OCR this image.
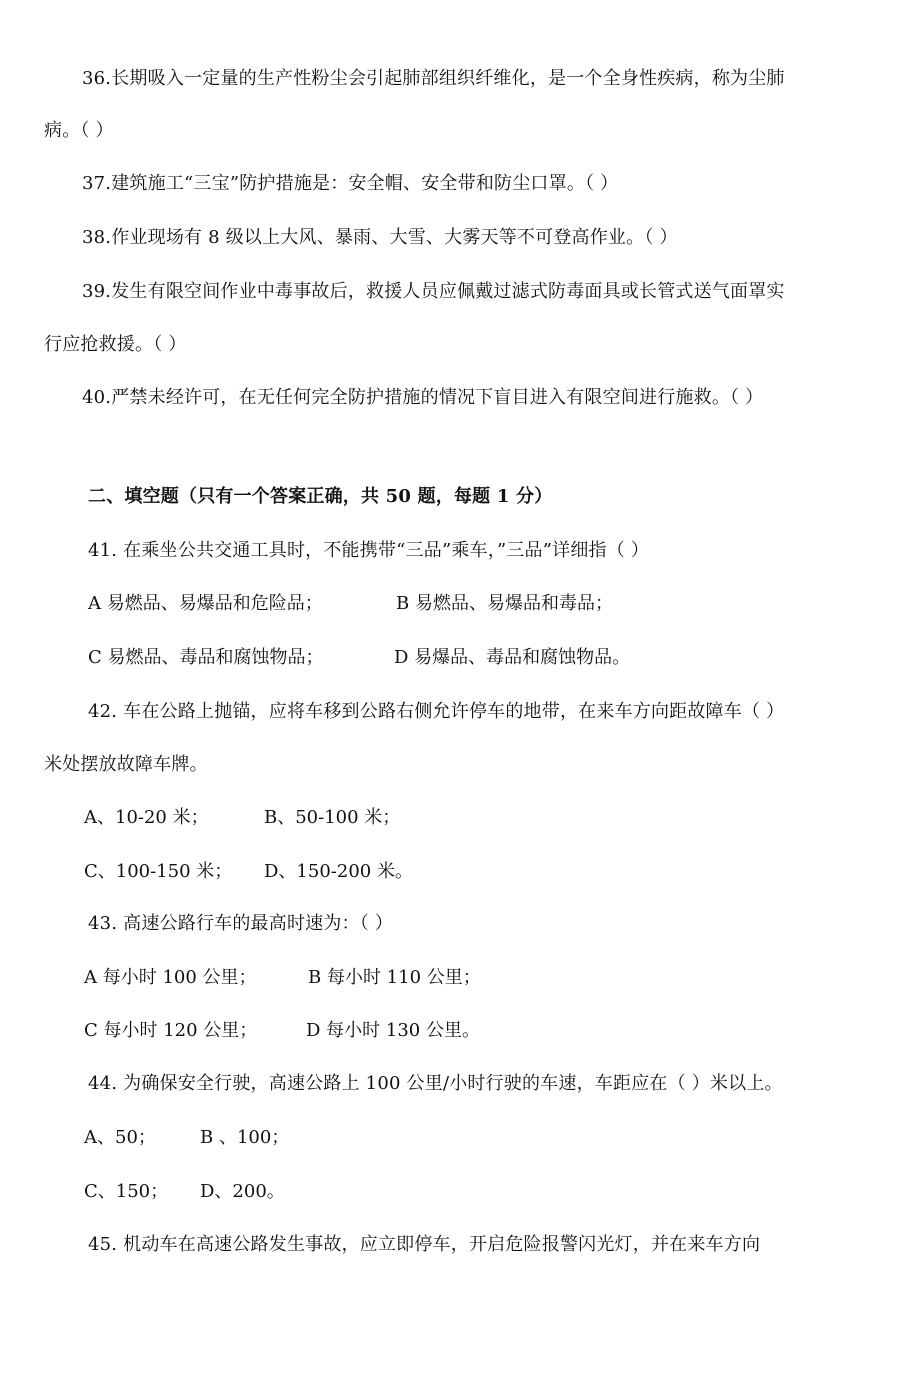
36.长期吸入一定量的生产性粉尘会引起肺部组织纤维化，是一个全身性疾病，称为尘肺
病。（ ）
37.建筑施工“三宝”防护措施是：安全帽、安全带和防尘口罩。（ ）
38.作业现场有 8 级以上大风、暴雨、大雪、大雾天等不可登高作业。（ ）
39.发生有限空间作业中毒事故后，救援人员应佩戴过滤式防毒面具或长管式送气面罩实
行应抢救援。（ ）
40.严禁未经许可，在无任何完全防护措施的情况下盲目进入有限空间进行施救。（ ）
二、填空题（只有一个答案正确，共 50 题，每题 1 分）
41. 在乘坐公共交通工具时，不能携带“三品”乘车，”三品”详细指（ ）
A 易燃品、易爆品和危险品；	B 易燃品、易爆品和毒品；
C 易燃品、毒品和腐蚀物品；	D 易爆品、毒品和腐蚀物品。
42. 车在公路上抛锚，应将车移到公路右侧允许停车的地带，在来车方向距故障车（ ）
米处摆放故障车牌。
A、10-20 米；	B、50-100 米；
C、100-150 米； D、150-200 米。
43. 高速公路行车的最高时速为：（ ）
A 每小时 100 公里；	B 每小时 110 公里；
C 每小时 120 公里；	D 每小时 130 公里。
44. 为确保安全行驶，高速公路上 100 公里/小时行驶的车速，车距应在（ ）米以上。
A、50； B 、100；
C、150； D、200。
45. 机动车在高速公路发生事故，应立即停车，开启危险报警闪光灯，并在来车方向
